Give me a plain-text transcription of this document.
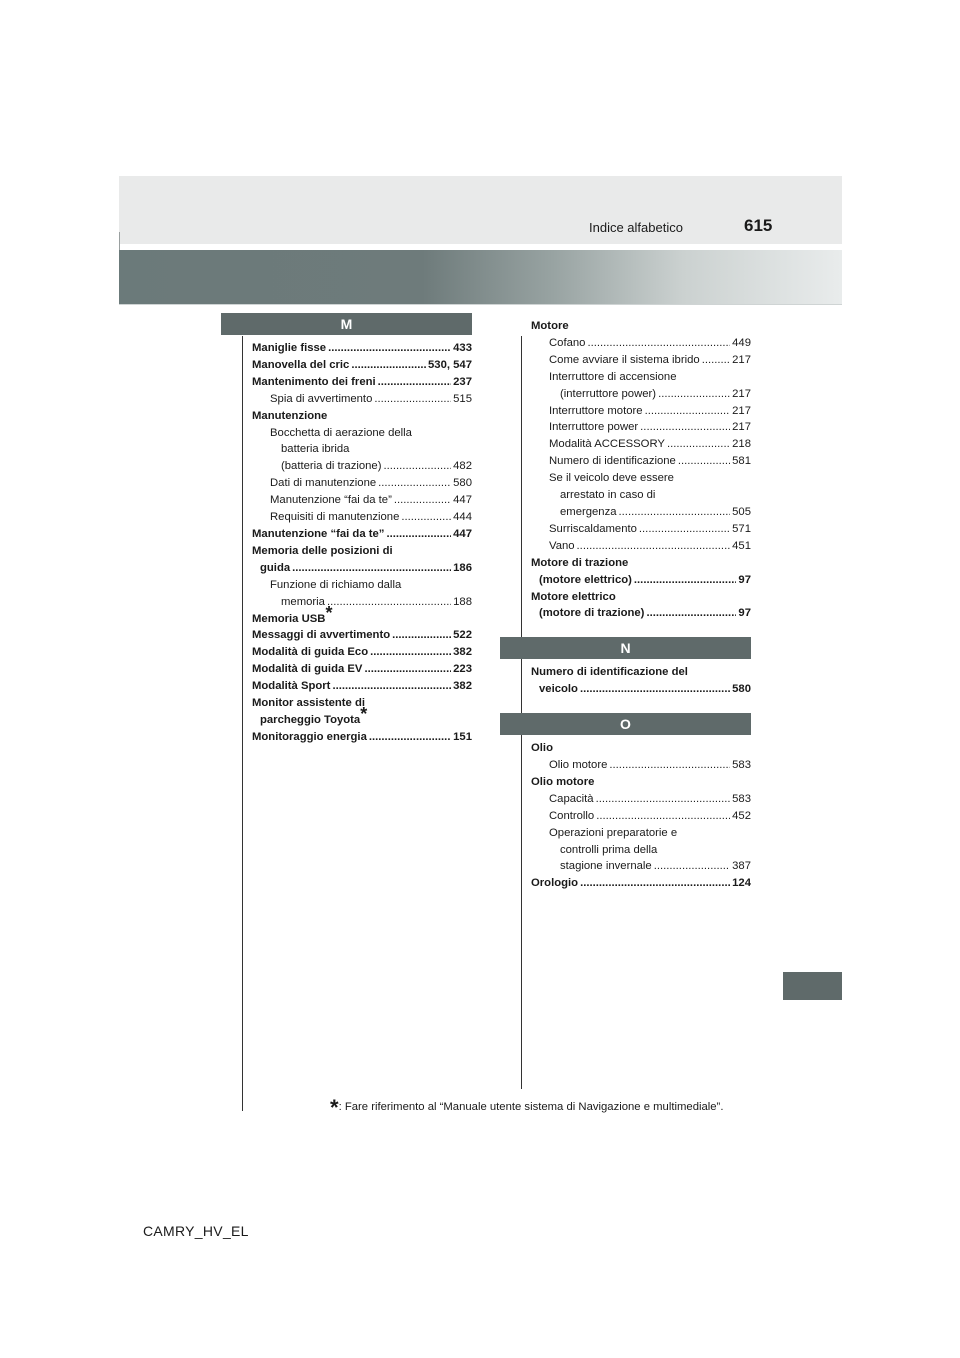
Indice alfabetico	615
M
Maniglie fisse .....	433
Manovella del cric .....	530, 547
Mantenimento dei freni .....	237
Spia di avvertimento .....	515
Manutenzione
Bocchetta di aerazione della
batteria ibrida
(batteria di trazione) .....	482
Dati di manutenzione .....	580
Manutenzione “fai da te” .....	447
Requisiti di manutenzione .....	444
Manutenzione “fai da te” .....	447
Memoria delle posizioni di
guida .....	186
Funzione di richiamo dalla
memoria .....	188
Memoria USB*
Messaggi di avvertimento .....	522
Modalità di guida Eco .....	382
Modalità di guida EV .....	223
Modalità Sport .....	382
Monitor assistente di
parcheggio Toyota*
Monitoraggio energia .....	151
Motore
Cofano .....	449
Come avviare il sistema ibrido .....	217
Interruttore di accensione
(interruttore power) .....	217
Interruttore motore .....	217
Interruttore power .....	217
Modalità ACCESSORY .....	218
Numero di identificazione .....	581
Se il veicolo deve essere
arrestato in caso di
emergenza .....	505
Surriscaldamento .....	571
Vano .....	451
Motore di trazione
(motore elettrico) .....	97
Motore elettrico
(motore di trazione) .....	97
N
Numero di identificazione del
veicolo .....	580
O
Olio
Olio motore .....	583
Olio motore
Capacità .....	583
Controllo .....	452
Operazioni preparatorie e
controlli prima della
stagione invernale .....	387
Orologio .....	124
*: Fare riferimento al “Manuale utente sistema di Navigazione e multimediale”.
CAMRY_HV_EL
